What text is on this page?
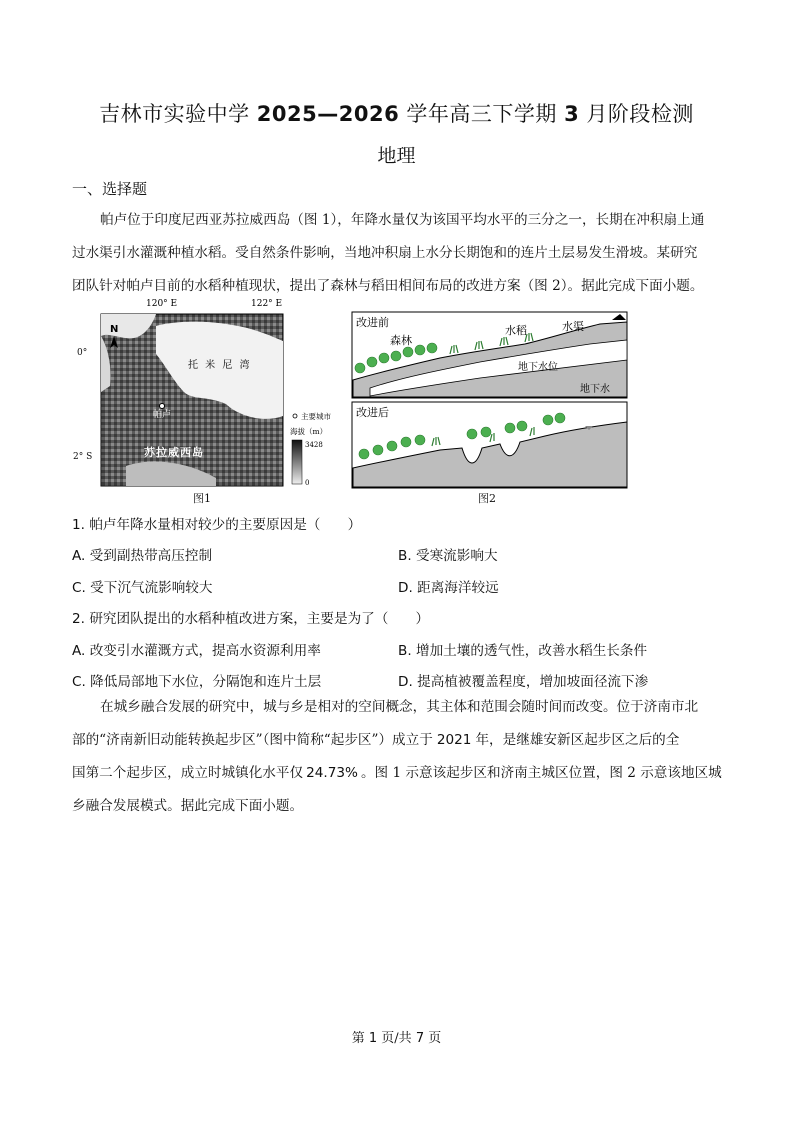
吉林市实验中学 2025—2026 学年高三下学期 3 月阶段检测
地理
一、选择题
帕卢位于印度尼西亚苏拉威西岛（图 1），年降水量仅为该国平均水平的三分之一，长期在冲积扇上通
过水渠引水灌溉种植水稻。受自然条件影响，当地冲积扇上水分长期饱和的连片土层易发生滑坡。某研究
团队针对帕卢目前的水稻种植现状，提出了森林与稻田相间布局的改进方案（图 2）。据此完成下面小题。
N
120° E	122° E
托 米 尼 湾
帕卢
苏拉威西岛
主要城市
海拔（m）
3428
0
0°
2° S
图1
改进前
森林
水稻	水渠
地下水位
地下水
改进后
图2
1. 帕卢年降水量相对较少的主要原因是（　　）
A. 受到副热带高压控制	B. 受寒流影响大
C. 受下沉气流影响较大	D. 距离海洋较远
2. 研究团队提出的水稻种植改进方案，主要是为了（　　）
A. 改变引水灌溉方式，提高水资源利用率	B. 增加土壤的透气性，改善水稻生长条件
C. 降低局部地下水位，分隔饱和连片土层	D. 提高植被覆盖程度，增加坡面径流下渗
在城乡融合发展的研究中，城与乡是相对的空间概念，其主体和范围会随时间而改变。位于济南市北
部的“济南新旧动能转换起步区”（图中简称“起步区”）成立于 2021 年，是继雄安新区起步区之后的全
国第二个起步区，成立时城镇化水平仅 24.73% 。图 1 示意该起步区和济南主城区位置，图 2 示意该地区城
乡融合发展模式。据此完成下面小题。
第 1 页/共 7 页
